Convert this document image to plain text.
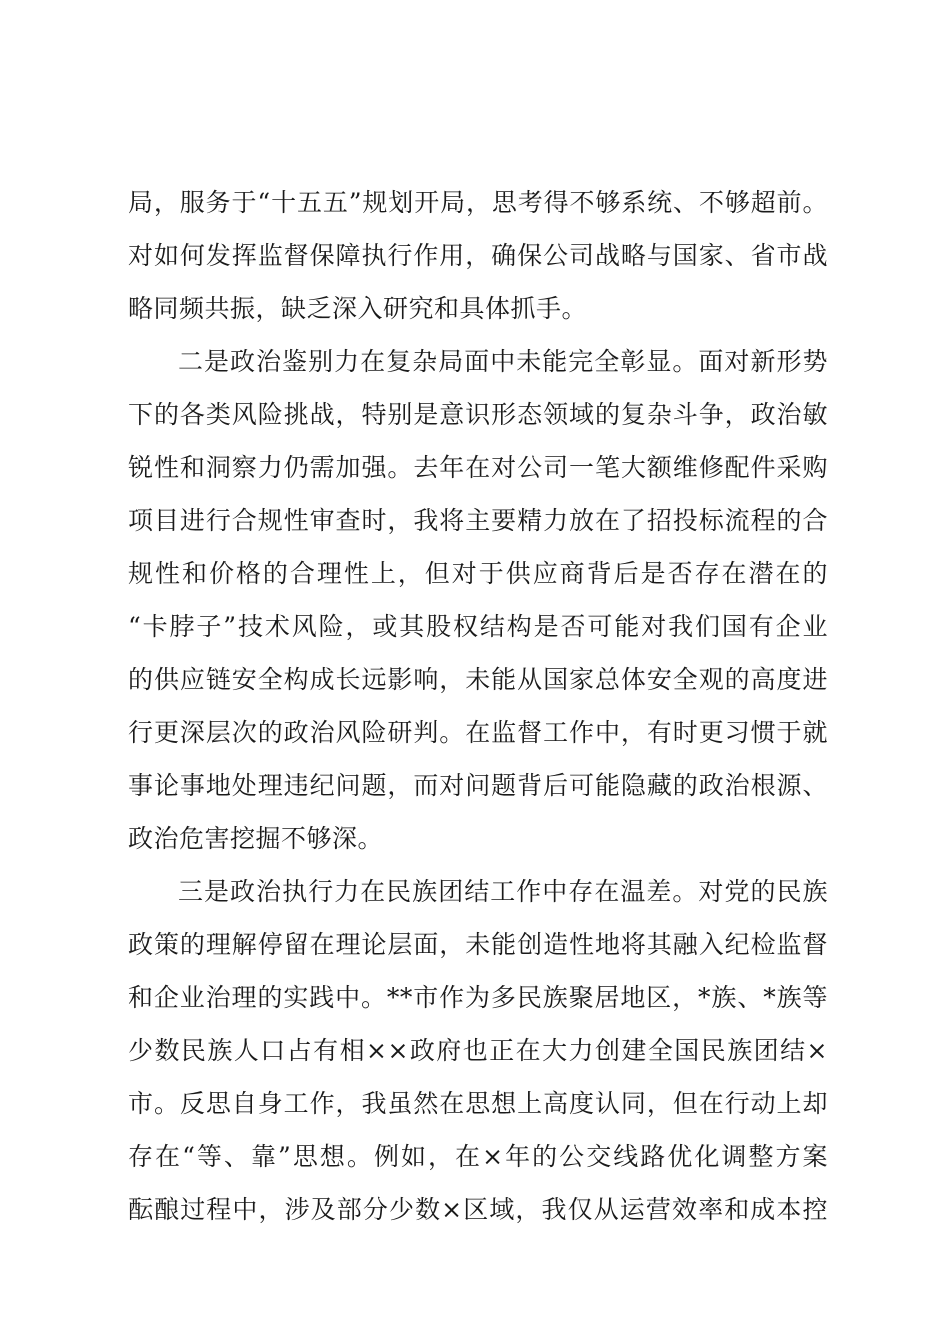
局，服务于“十五五”规划开局，思考得不够系统、不够超前。
对如何发挥监督保障执行作用，确保公司战略与国家、省市战
略同频共振，缺乏深入研究和具体抓手。
二是政治鉴别力在复杂局面中未能完全彰显。面对新形势
下的各类风险挑战，特别是意识形态领域的复杂斗争，政治敏
锐性和洞察力仍需加强。去年在对公司一笔大额维修配件采购
项目进行合规性审查时，我将主要精力放在了招投标流程的合
规性和价格的合理性上，但对于供应商背后是否存在潜在的
“卡脖子”技术风险，或其股权结构是否可能对我们国有企业
的供应链安全构成长远影响，未能从国家总体安全观的高度进
行更深层次的政治风险研判。在监督工作中，有时更习惯于就
事论事地处理违纪问题，而对问题背后可能隐藏的政治根源、
政治危害挖掘不够深。
三是政治执行力在民族团结工作中存在温差。对党的民族
政策的理解停留在理论层面，未能创造性地将其融入纪检监督
和企业治理的实践中。**市作为多民族聚居地区，*族、*族等
少数民族人口占有相××政府也正在大力创建全国民族团结×
市。反思自身工作，我虽然在思想上高度认同，但在行动上却
存在“等、靠”思想。例如，在×年的公交线路优化调整方案
酝酿过程中，涉及部分少数×区域，我仅从运营效率和成本控
